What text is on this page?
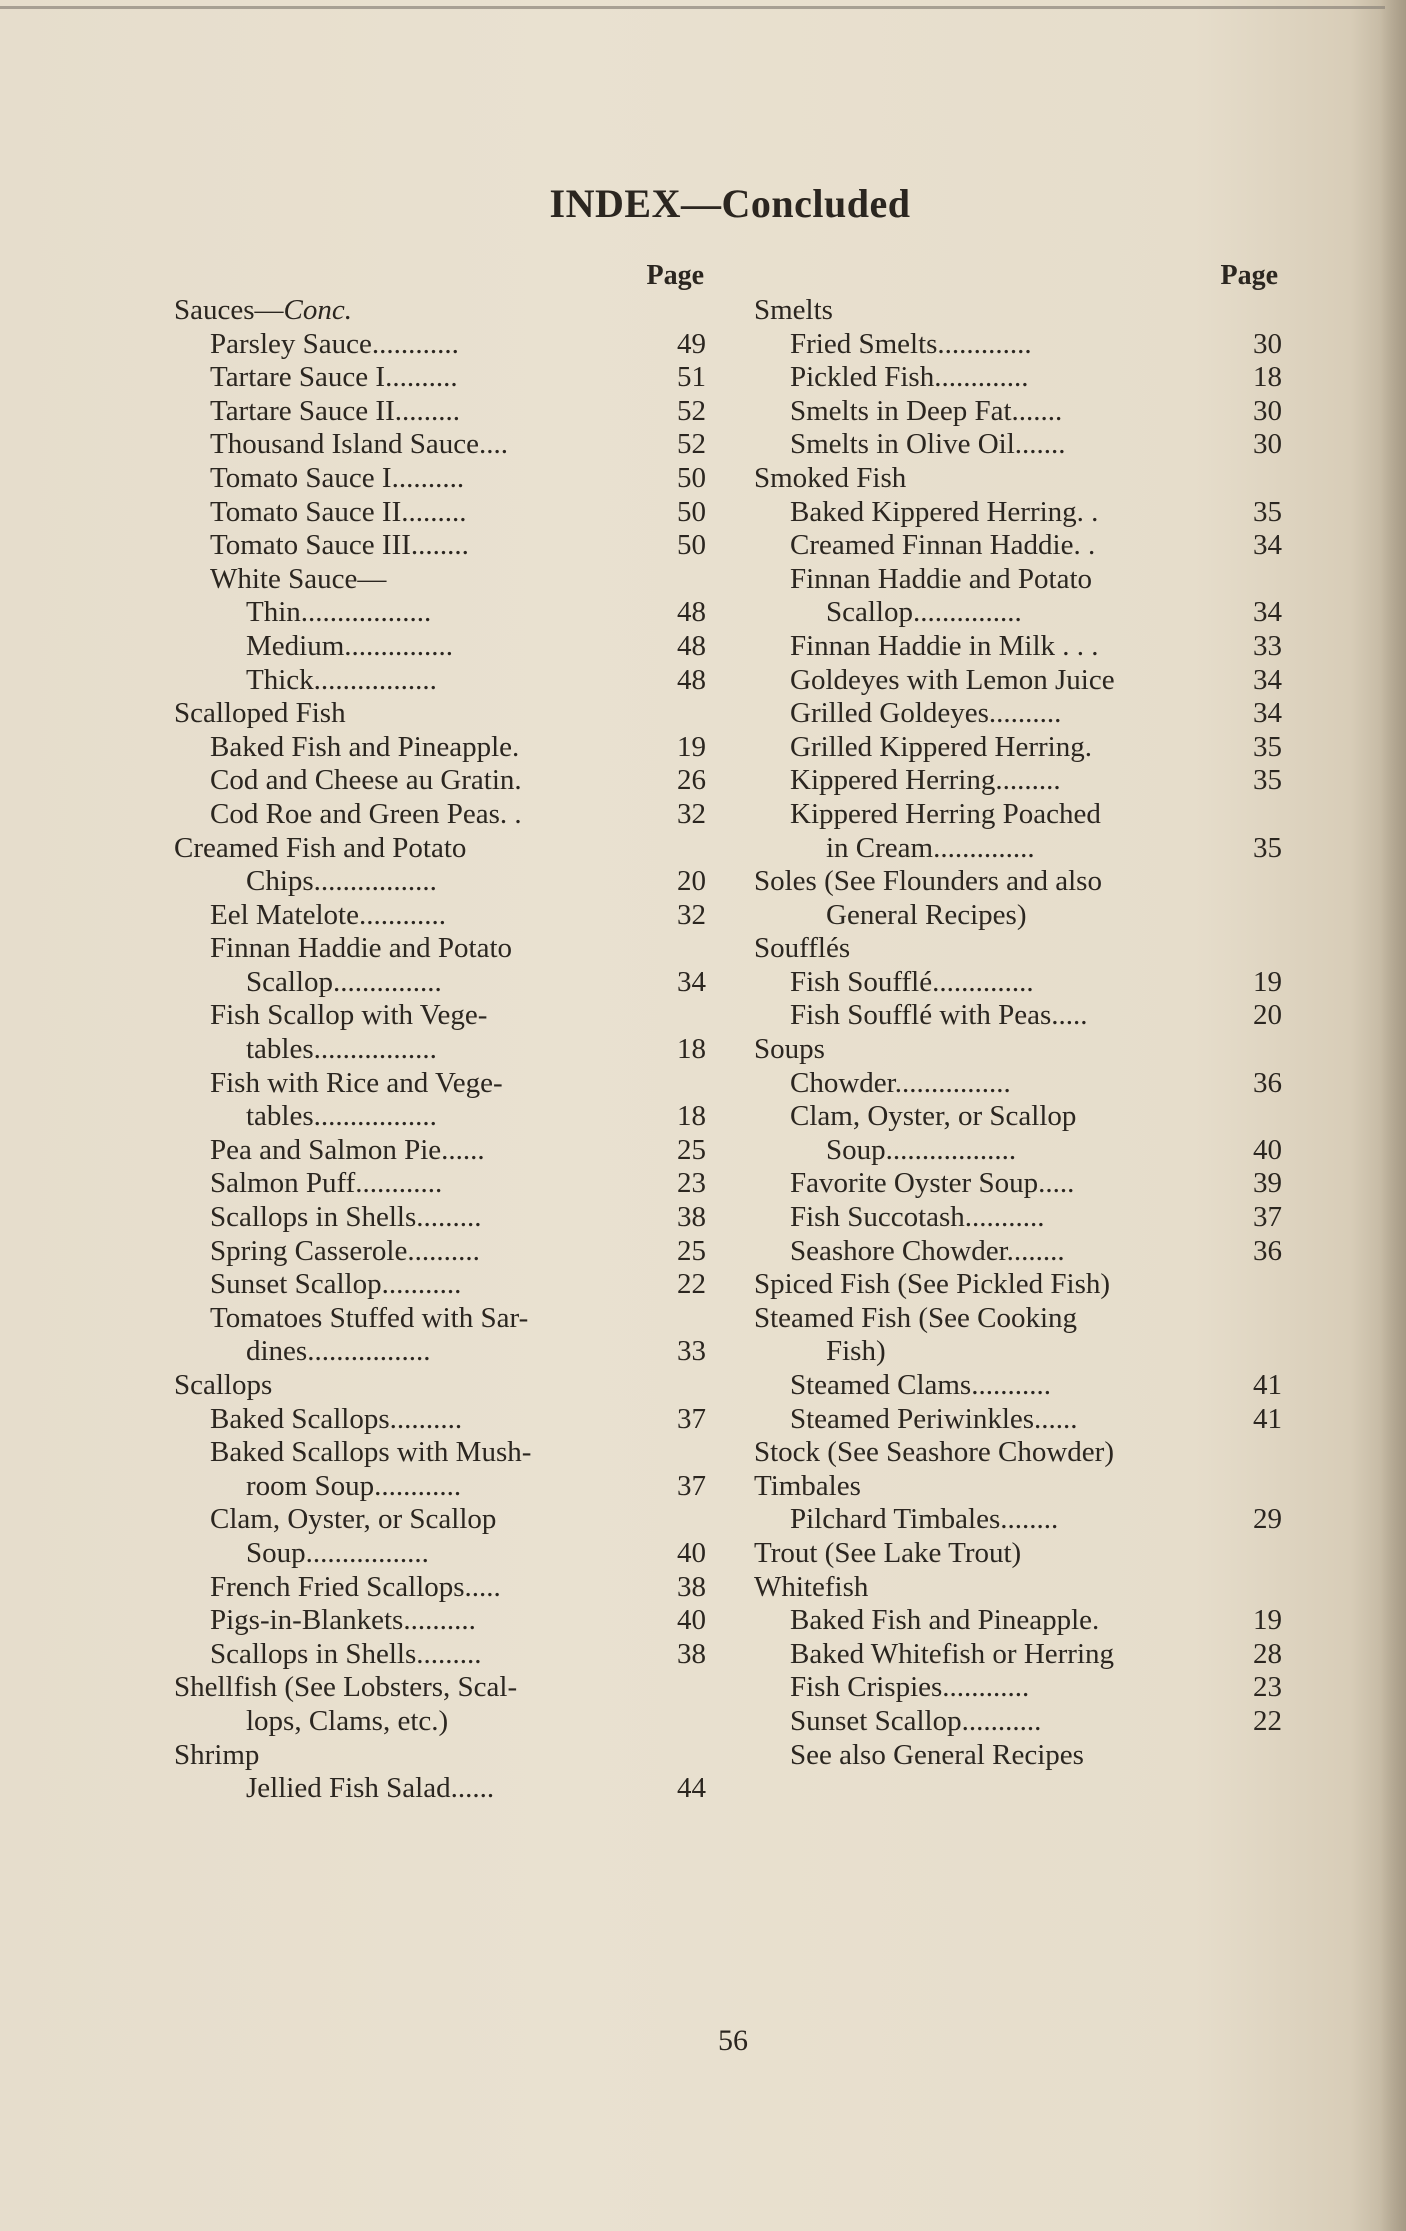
INDEX—Concluded
Page
Sauces—Conc.
Parsley Sauce............	49
Tartare Sauce I..........	51
Tartare Sauce II.........	52
Thousand Island Sauce....	52
Tomato Sauce I..........	50
Tomato Sauce II.........	50
Tomato Sauce III........	50
White Sauce—
Thin..................	48
Medium...............	48
Thick.................	48
Scalloped Fish
Baked Fish and Pineapple.	19
Cod and Cheese au Gratin.	26
Cod Roe and Green Peas. .	32
Creamed Fish and Potato
Chips.................	20
Eel Matelote............	32
Finnan Haddie and Potato
Scallop...............	34
Fish Scallop with Vege-
tables.................	18
Fish with Rice and Vege-
tables.................	18
Pea and Salmon Pie......	25
Salmon Puff............	23
Scallops in Shells.........	38
Spring Casserole..........	25
Sunset Scallop...........	22
Tomatoes Stuffed with Sar-
dines.................	33
Scallops
Baked Scallops..........	37
Baked Scallops with Mush-
room Soup............	37
Clam, Oyster, or Scallop
Soup.................	40
French Fried Scallops.....	38
Pigs-in-Blankets..........	40
Scallops in Shells.........	38
Shellfish (See Lobsters, Scal-
lops, Clams, etc.)
Shrimp
Jellied Fish Salad......	44
Page
Smelts
Fried Smelts.............	30
Pickled Fish.............	18
Smelts in Deep Fat.......	30
Smelts in Olive Oil.......	30
Smoked Fish
Baked Kippered Herring. .	35
Creamed Finnan Haddie. .	34
Finnan Haddie and Potato
Scallop...............	34
Finnan Haddie in Milk . . .	33
Goldeyes with Lemon Juice	34
Grilled Goldeyes..........	34
Grilled Kippered Herring.	35
Kippered Herring.........	35
Kippered Herring Poached
in Cream..............	35
Soles (See Flounders and also
General Recipes)
Soufflés
Fish Soufflé..............	19
Fish Soufflé with Peas.....	20
Soups
Chowder................	36
Clam, Oyster, or Scallop
Soup..................	40
Favorite Oyster Soup.....	39
Fish Succotash...........	37
Seashore Chowder........	36
Spiced Fish (See Pickled Fish)
Steamed Fish (See Cooking
Fish)
Steamed Clams...........	41
Steamed Periwinkles......	41
Stock (See Seashore Chowder)
Timbales
Pilchard Timbales........	29
Trout (See Lake Trout)
Whitefish
Baked Fish and Pineapple.	19
Baked Whitefish or Herring	28
Fish Crispies............	23
Sunset Scallop...........	22
See also General Recipes
56
